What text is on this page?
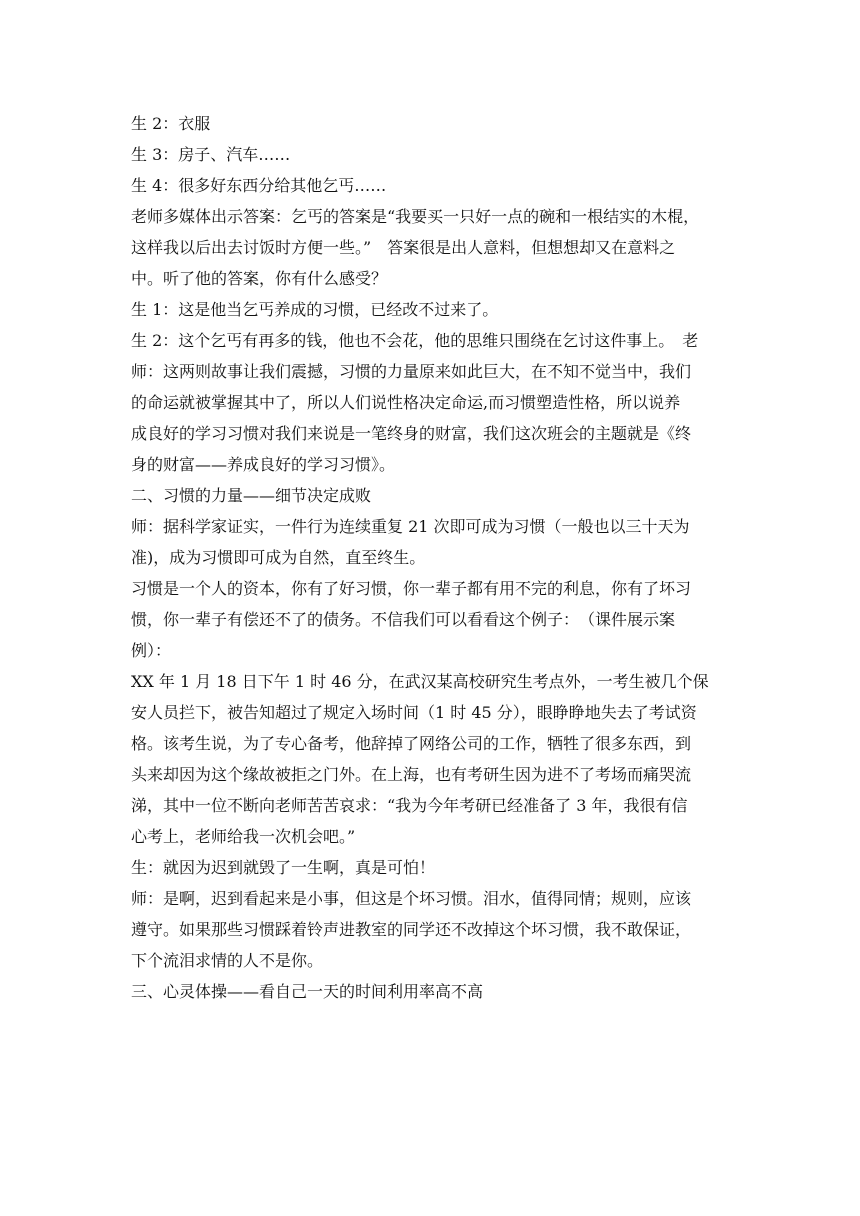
生 2：衣服
生 3：房子、汽车……
生 4：很多好东西分给其他乞丐……
老师多媒体出示答案：乞丐的答案是“我要买一只好一点的碗和一根结实的木棍，
这样我以后出去讨饭时方便一些。”　答案很是出人意料，但想想却又在意料之
中。听了他的答案，你有什么感受？
生 1：这是他当乞丐养成的习惯，已经改不过来了。
生 2：这个乞丐有再多的钱，他也不会花，他的思维只围绕在乞讨这件事上。　老
师：这两则故事让我们震撼，习惯的力量原来如此巨大，在不知不觉当中，我们
的命运就被掌握其中了，所以人们说性格决定命运,而习惯塑造性格，所以说养
成良好的学习习惯对我们来说是一笔终身的财富，我们这次班会的主题就是《终
身的财富——养成良好的学习习惯》。
二、习惯的力量——细节决定成败
师：据科学家证实，一件行为连续重复 21 次即可成为习惯（一般也以三十天为
准)，成为习惯即可成为自然，直至终生。
习惯是一个人的资本，你有了好习惯，你一辈子都有用不完的利息，你有了坏习
惯，你一辈子有偿还不了的债务。不信我们可以看看这个例子：　（课件展示案
例）：
XX 年 1 月 18 日下午 1 时 46 分，在武汉某高校研究生考点外，一考生被几个保
安人员拦下，被告知超过了规定入场时间（1 时 45 分），眼睁睁地失去了考试资
格。该考生说，为了专心备考，他辞掉了网络公司的工作，牺牲了很多东西，到
头来却因为这个缘故被拒之门外。在上海，也有考研生因为进不了考场而痛哭流
涕，其中一位不断向老师苦苦哀求：“我为今年考研已经准备了 3 年，我很有信
心考上，老师给我一次机会吧。”
生：就因为迟到就毁了一生啊，真是可怕！
师：是啊，迟到看起来是小事，但这是个坏习惯。泪水，值得同情；规则，应该
遵守。如果那些习惯踩着铃声进教室的同学还不改掉这个坏习惯，我不敢保证，
下个流泪求情的人不是你。
三、心灵体操——看自己一天的时间利用率高不高
